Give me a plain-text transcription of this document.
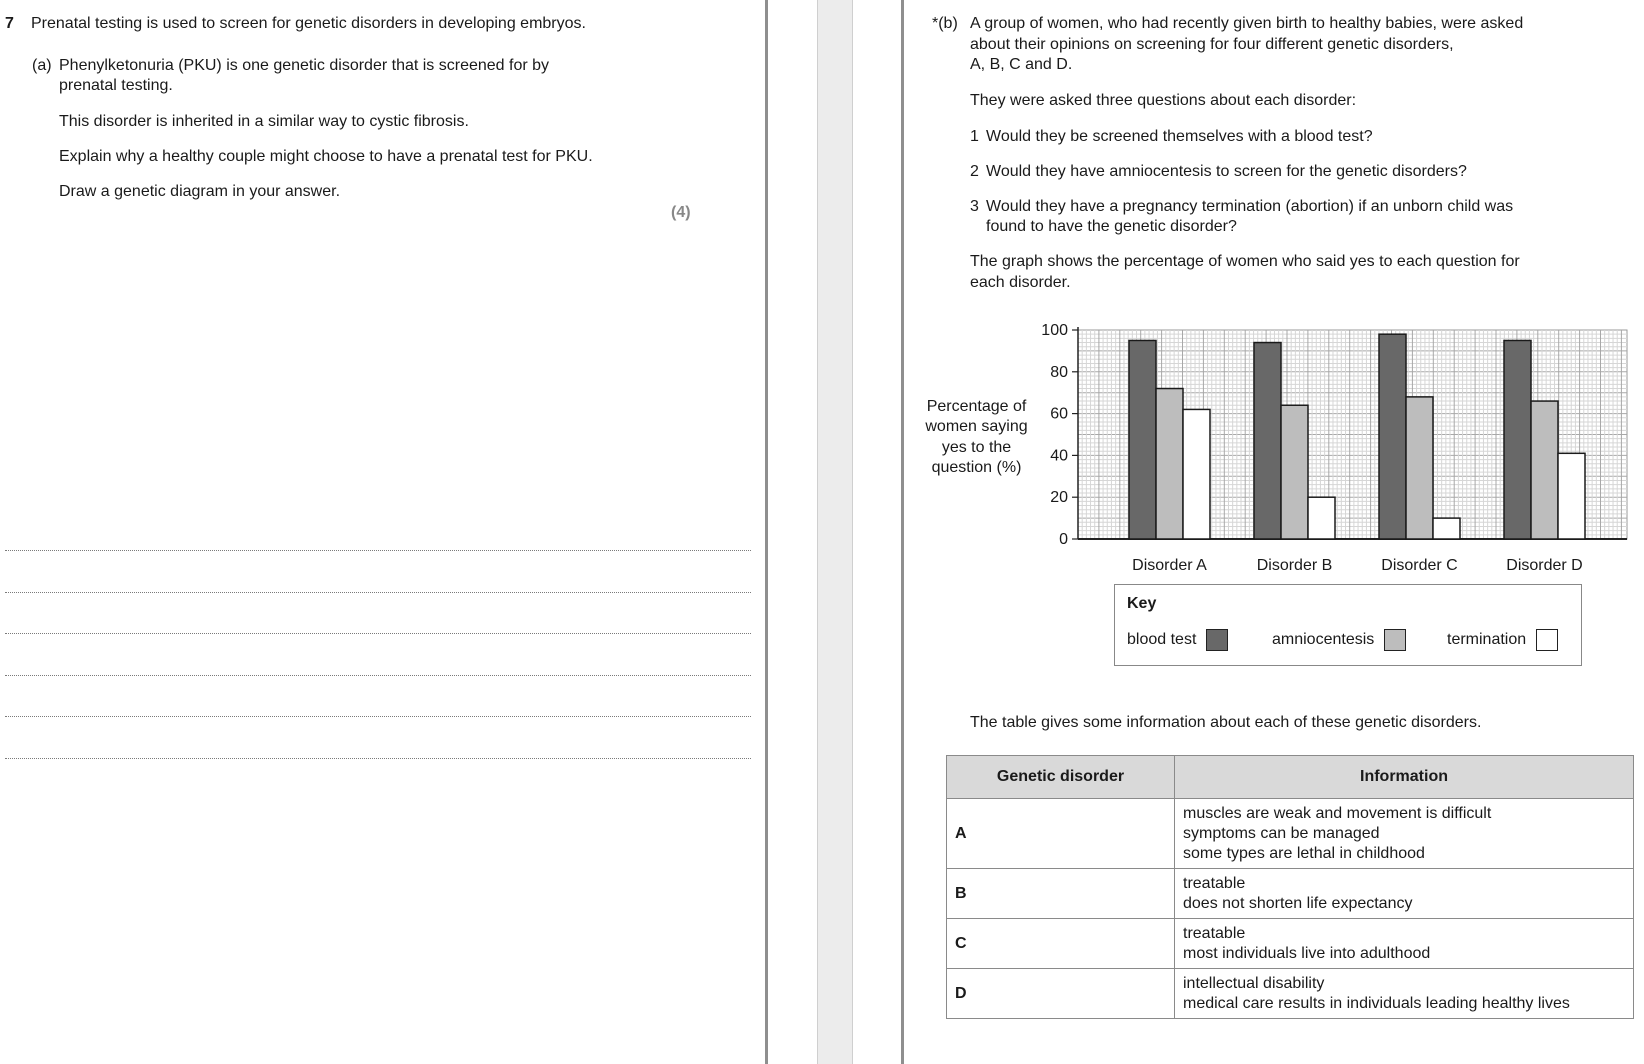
7 Prenatal testing is used to screen for genetic disorders in developing embryos.
(a) Phenylketonuria (PKU) is one genetic disorder that is screened for by
prenatal testing.
This disorder is inherited in a similar way to cystic fibrosis.
Explain why a healthy couple might choose to have a prenatal test for PKU.
Draw a genetic diagram in your answer.
(4)
*(b) A group of women, who had recently given birth to healthy babies, were asked
about their opinions on screening for four different genetic disorders,
A, B, C and D.
They were asked three questions about each disorder:
1 Would they be screened themselves with a blood test?
2 Would they have amniocentesis to screen for the genetic disorders?
3 Would they have a pregnancy termination (abortion) if an unborn child was
found to have the genetic disorder?
The graph shows the percentage of women who said yes to each question for
each disorder.
Percentage of
women saying
yes to the
question (%)
0
20
40
60
80
100
Disorder A	Disorder B	Disorder C	Disorder D
Key
blood test	amniocentesis	termination
The table gives some information about each of these genetic disorders.
Genetic disorder	Information
A	muscles are weak and movement is difficult
symptoms can be managed
some types are lethal in childhood

B	treatable
does not shorten life expectancy

C	treatable
most individuals live into adulthood

D	intellectual disability
medical care results in individuals leading healthy lives
